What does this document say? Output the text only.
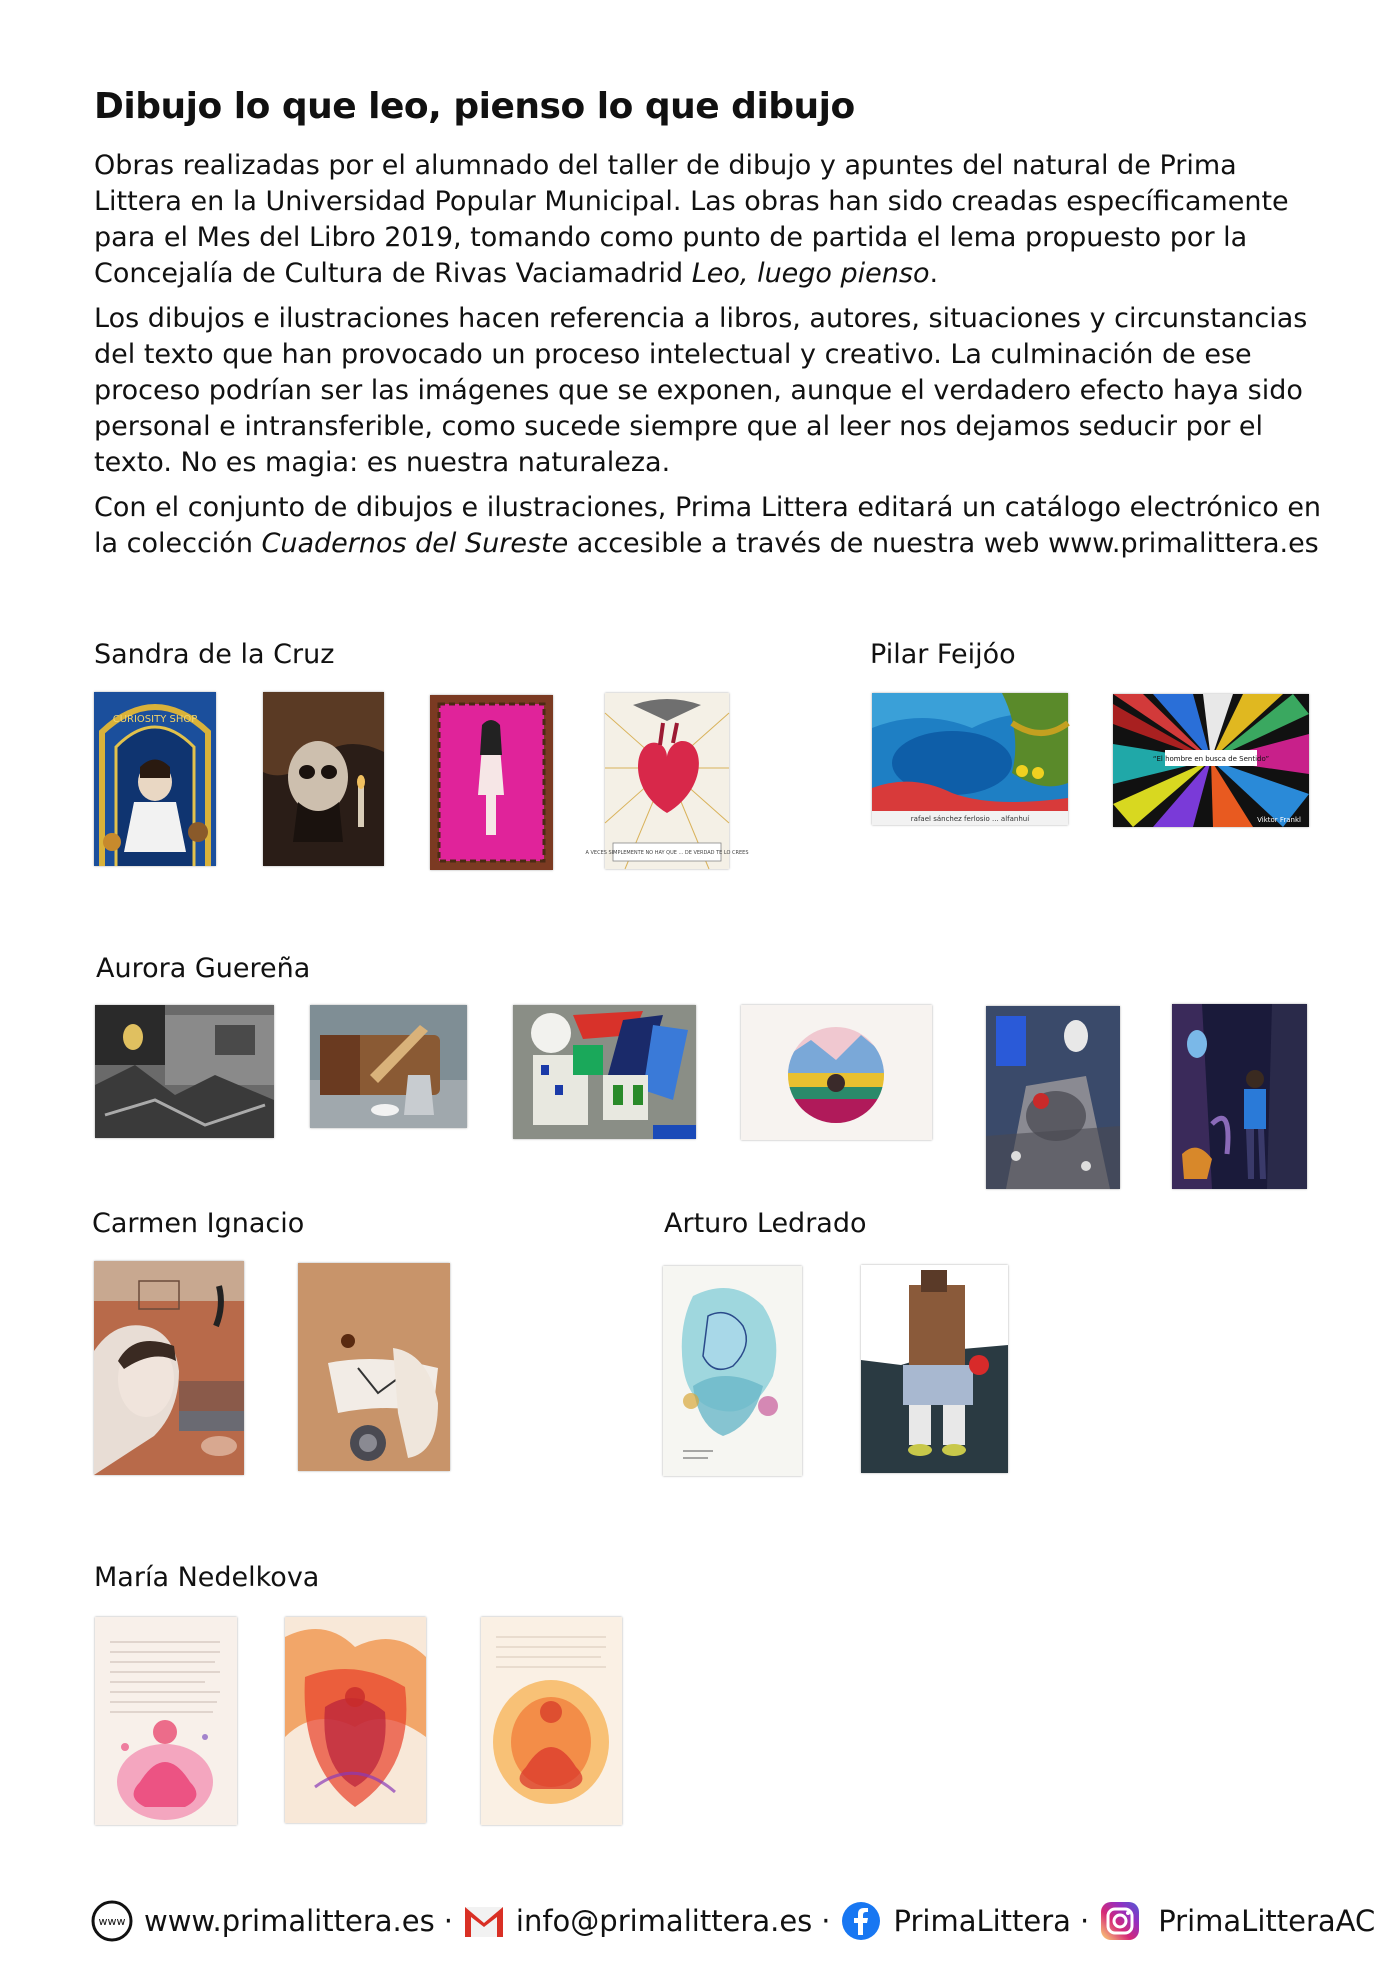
Dibujo lo que leo, pienso lo que dibujo

Obras realizadas por el alumnado del taller de dibujo y apuntes del natural de Prima Littera en la Universidad Popular Municipal. Las obras han sido creadas específicamente para el Mes del Libro 2019, tomando como punto de partida el lema propuesto por la Concejalía de Cultura de Rivas Vaciamadrid Leo, luego pienso.

Los dibujos e ilustraciones hacen referencia a libros, autores, situaciones y circunstancias del texto que han provocado un proceso intelectual y creativo. La culminación de ese proceso podrían ser las imágenes que se exponen, aunque el verdadero efecto haya sido personal e intransferible, como sucede siempre que al leer nos dejamos seducir por el texto. No es magia: es nuestra naturaleza.

Con el conjunto de dibujos e ilustraciones, Prima Littera editará un catálogo electrónico en la colección Cuadernos del Sureste accesible a través de nuestra web www.primalittera.es

Sandra de la Cruz
CURIOSITY SHOP
A VECES SIMPLEMENTE NO HAY QUE ... DE VERDAD TE LO CREES
Pilar Feijóo
rafael sánchez ferlosio ... alfanhuí
“El hombre en busca de Sentido”
Viktor Frankl
Aurora Guereña
Carmen Ignacio	Arturo Ledrado
María Nedelkova
www www.primalittera.es · info@primalittera.es · PrimaLittera · PrimaLitteraAC
